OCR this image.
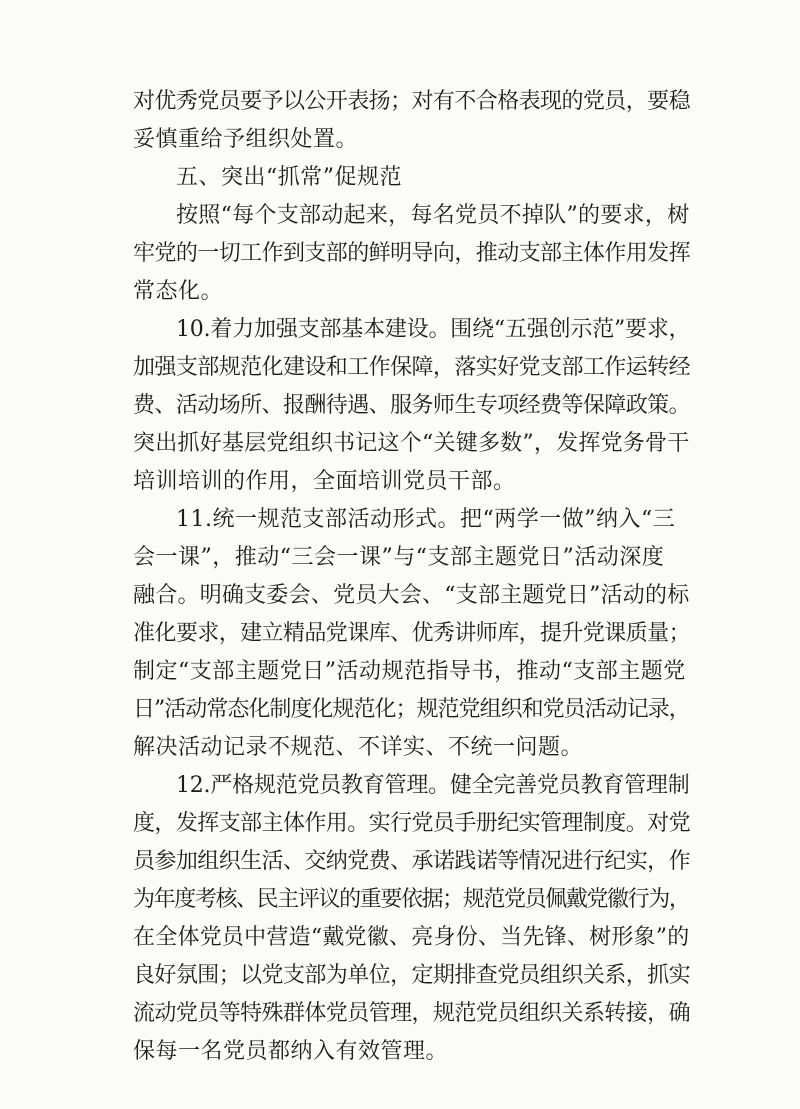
对优秀党员要予以公开表扬；对有不合格表现的党员，要稳

妥慎重给予组织处置。

五、突出“抓常”促规范

按照“每个支部动起来，每名党员不掉队”的要求，树

牢党的一切工作到支部的鲜明导向，推动支部主体作用发挥

常态化。

10.着力加强支部基本建设。围绕“五强创示范”要求，

加强支部规范化建设和工作保障，落实好党支部工作运转经

费、活动场所、报酬待遇、服务师生专项经费等保障政策。

突出抓好基层党组织书记这个“关键多数”，发挥党务骨干

培训培训的作用，全面培训党员干部。

11.统一规范支部活动形式。把“两学一做”纳入“三

会一课”，推动“三会一课”与“支部主题党日”活动深度

融合。明确支委会、党员大会、“支部主题党日”活动的标

准化要求，建立精品党课库、优秀讲师库，提升党课质量；

制定“支部主题党日”活动规范指导书，推动“支部主题党

日”活动常态化制度化规范化；规范党组织和党员活动记录，

解决活动记录不规范、不详实、不统一问题。

12.严格规范党员教育管理。健全完善党员教育管理制

度，发挥支部主体作用。实行党员手册纪实管理制度。对党

员参加组织生活、交纳党费、承诺践诺等情况进行纪实，作

为年度考核、民主评议的重要依据；规范党员佩戴党徽行为，

在全体党员中营造“戴党徽、亮身份、当先锋、树形象”的

良好氛围；以党支部为单位，定期排查党员组织关系，抓实

流动党员等特殊群体党员管理，规范党员组织关系转接，确

保每一名党员都纳入有效管理。
